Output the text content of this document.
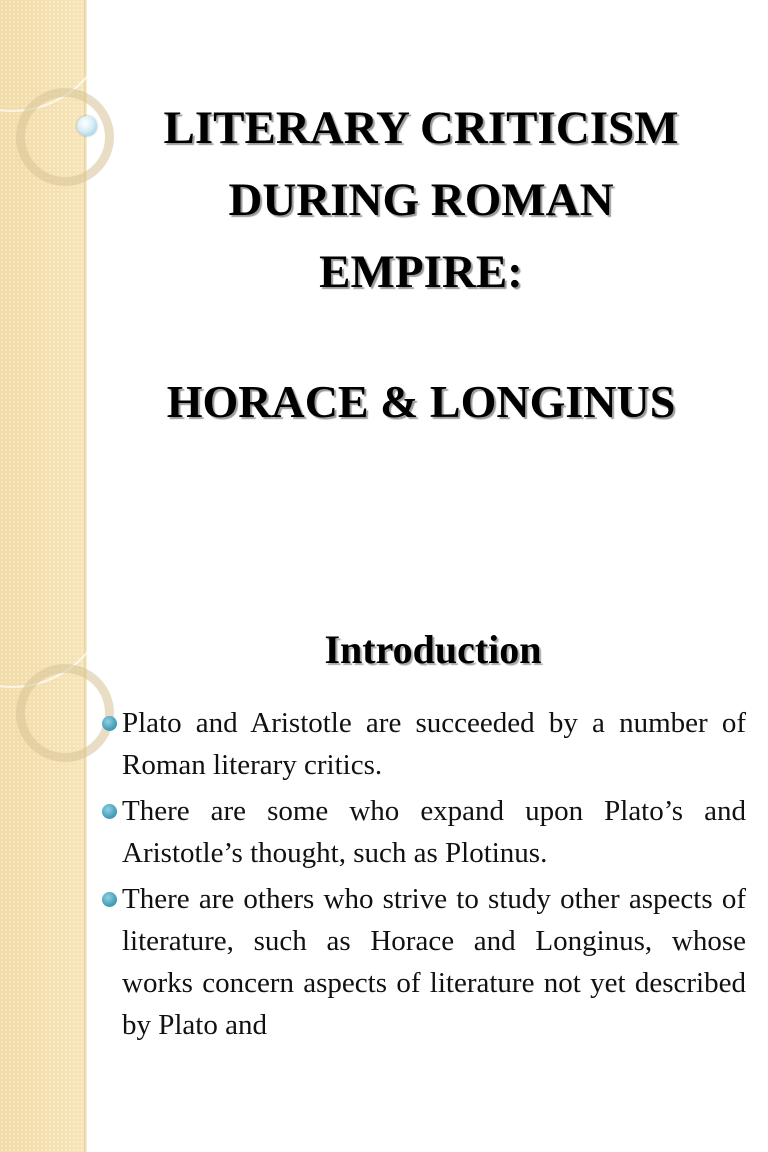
LITERARY CRITICISM
DURING ROMAN
EMPIRE:
HORACE & LONGINUS
Introduction
Plato and Aristotle are succeeded by a number of Roman literary critics.
There are some who expand upon Plato’s and Aristotle’s thought, such as Plotinus.
There are others who strive to study other aspects of literature, such as Horace and Longinus, whose works concern aspects of literature not yet described by Plato and
